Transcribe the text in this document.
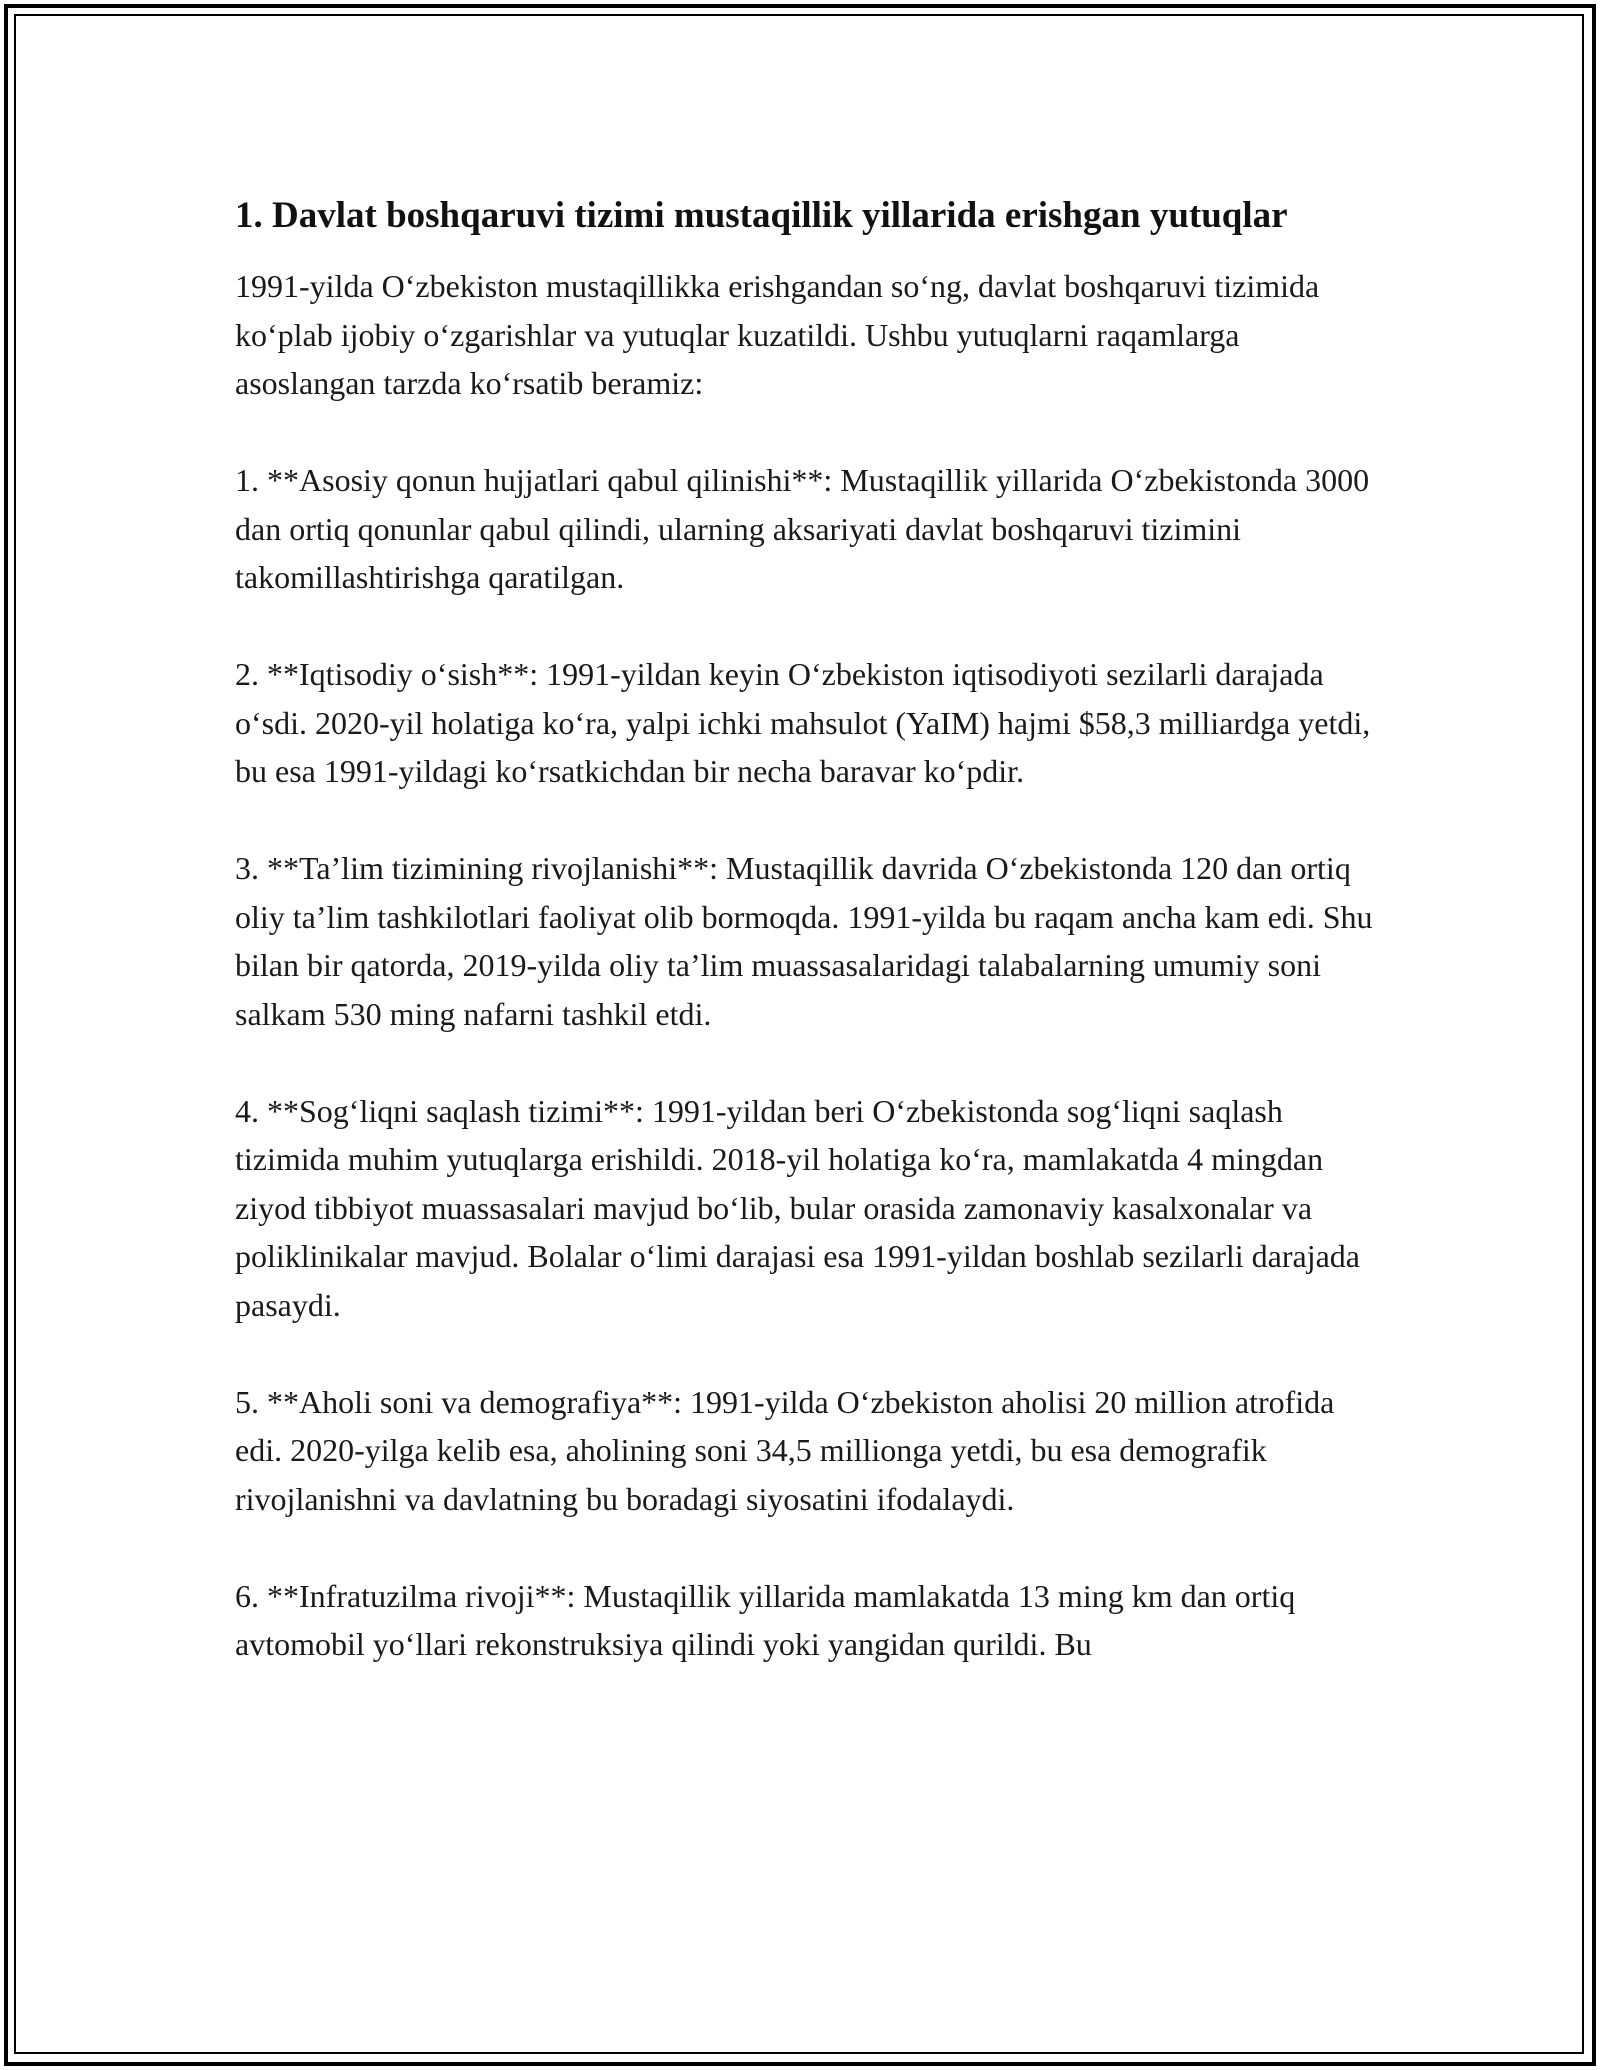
1. Davlat boshqaruvi tizimi mustaqillik yillarida erishgan yutuqlar

1991-yilda O‘zbekiston mustaqillikka erishgandan so‘ng, davlat boshqaruvi tizimida ko‘plab ijobiy o‘zgarishlar va yutuqlar kuzatildi. Ushbu yutuqlarni raqamlarga asoslangan tarzda ko‘rsatib beramiz:

1. **Asosiy qonun hujjatlari qabul qilinishi**: Mustaqillik yillarida O‘zbekistonda 3000 dan ortiq qonunlar qabul qilindi, ularning aksariyati davlat boshqaruvi tizimini takomillashtirishga qaratilgan.

2. **Iqtisodiy o‘sish**: 1991-yildan keyin O‘zbekiston iqtisodiyoti sezilarli darajada o‘sdi. 2020-yil holatiga ko‘ra, yalpi ichki mahsulot (YaIM) hajmi $58,3 milliardga yetdi, bu esa 1991-yildagi ko‘rsatkichdan bir necha baravar ko‘pdir.

3. **Ta’lim tizimining rivojlanishi**: Mustaqillik davrida O‘zbekistonda 120 dan ortiq oliy ta’lim tashkilotlari faoliyat olib bormoqda. 1991-yilda bu raqam ancha kam edi. Shu bilan bir qatorda, 2019-yilda oliy ta’lim muassasalaridagi talabalarning umumiy soni salkam 530 ming nafarni tashkil etdi.

4. **Sog‘liqni saqlash tizimi**: 1991-yildan beri O‘zbekistonda sog‘liqni saqlash tizimida muhim yutuqlarga erishildi. 2018-yil holatiga ko‘ra, mamlakatda 4 mingdan ziyod tibbiyot muassasalari mavjud bo‘lib, bular orasida zamonaviy kasalxonalar va poliklinikalar mavjud. Bolalar o‘limi darajasi esa 1991-yildan boshlab sezilarli darajada pasaydi.

5. **Aholi soni va demografiya**: 1991-yilda O‘zbekiston aholisi 20 million atrofida edi. 2020-yilga kelib esa, aholining soni 34,5 millionga yetdi, bu esa demografik rivojlanishni va davlatning bu boradagi siyosatini ifodalaydi.

6. **Infratuzilma rivoji**: Mustaqillik yillarida mamlakatda 13 ming km dan ortiq avtomobil yo‘llari rekonstruksiya qilindi yoki yangidan qurildi. Bu
